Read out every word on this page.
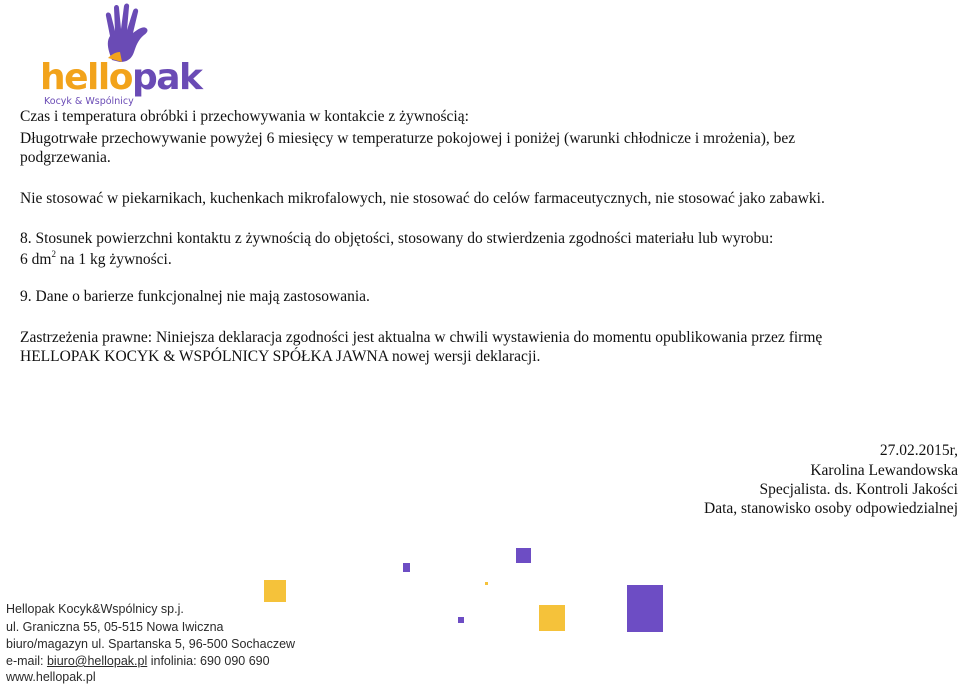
hellopak
Kocyk & Wspólnicy
Czas i temperatura obróbki i przechowywania w kontakcie z żywnością:
Długotrwałe przechowywanie powyżej 6 miesięcy w temperaturze pokojowej i poniżej (warunki chłodnicze i mrożenia), bez
podgrzewania.
Nie stosować w piekarnikach, kuchenkach mikrofalowych, nie stosować do celów farmaceutycznych, nie stosować jako zabawki.
8. Stosunek powierzchni kontaktu z żywnością do objętości, stosowany do stwierdzenia zgodności materiału lub wyrobu:
6 $dm^2$ na 1 kg żywności.
9. Dane o barierze funkcjonalnej nie mają zastosowania.
Zastrzeżenia prawne: Niniejsza deklaracja zgodności jest aktualna w chwili wystawienia do momentu opublikowania przez firmę
HELLOPAK KOCYK & WSPÓLNICY SPÓŁKA JAWNA nowej wersji deklaracji.
27.02.2015r,
Karolina Lewandowska
Specjalista. ds. Kontroli Jakości
Data, stanowisko osoby odpowiedzialnej
Hellopak Kocyk&Wspólnicy sp.j.
ul. Graniczna 55, 05-515 Nowa Iwiczna
biuro/magazyn ul. Spartanska 5, 96-500 Sochaczew
e-mail: biuro@hellopak.pl infolinia: 690 090 690
www.hellopak.pl
